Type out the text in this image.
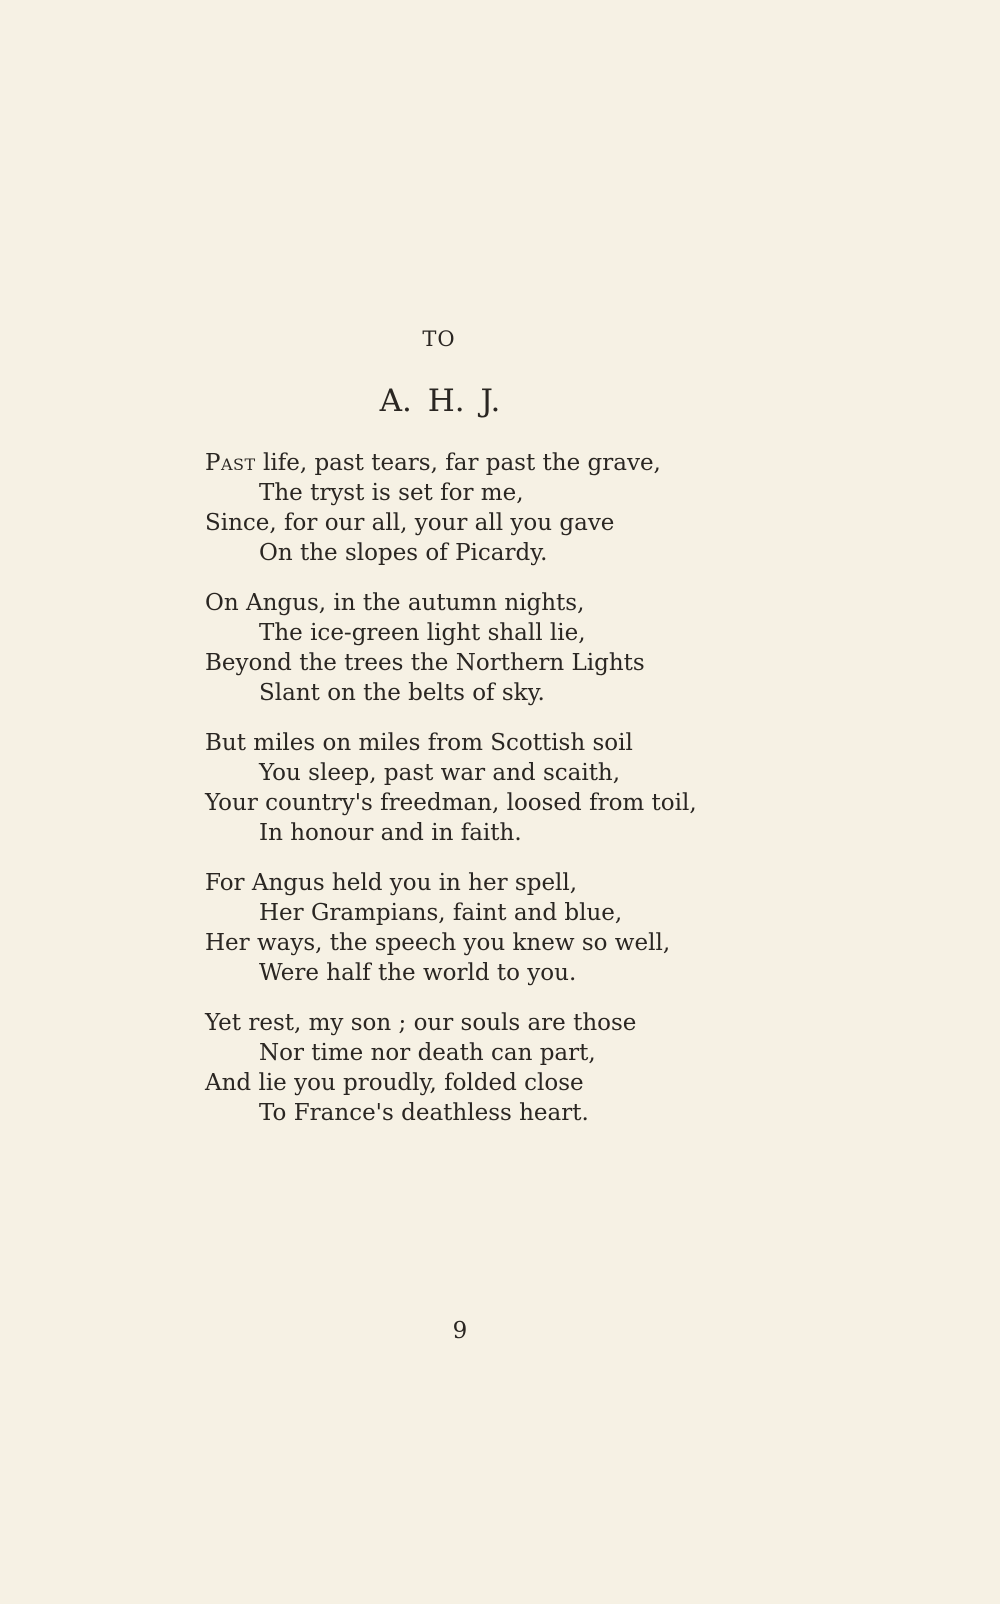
TO
A. H. J.
Past life, past tears, far past the grave,
The tryst is set for me,
Since, for our all, your all you gave
On the slopes of Picardy.
On Angus, in the autumn nights,
The ice-green light shall lie,
Beyond the trees the Northern Lights
Slant on the belts of sky.
But miles on miles from Scottish soil
You sleep, past war and scaith,
Your country's freedman, loosed from toil,
In honour and in faith.
For Angus held you in her spell,
Her Grampians, faint and blue,
Her ways, the speech you knew so well,
Were half the world to you.
Yet rest, my son ; our souls are those
Nor time nor death can part,
And lie you proudly, folded close
To France's deathless heart.
9
